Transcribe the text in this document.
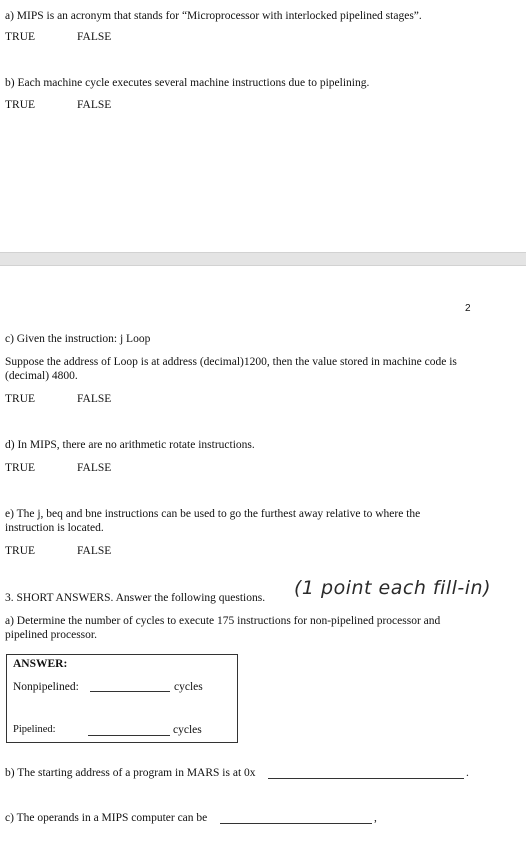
a) MIPS is an acronym that stands for “Microprocessor with interlocked pipelined stages”.
TRUE	FALSE
b) Each machine cycle executes several machine instructions due to pipelining.
TRUE	FALSE
2
c) Given the instruction: j Loop
Suppose the address of Loop is at address (decimal)1200, then the value stored in machine code is (decimal) 4800.
TRUE	FALSE
d) In MIPS, there are no arithmetic rotate instructions.
TRUE	FALSE
e) The j, beq and bne instructions can be used to go the furthest away relative to where the instruction is located.
TRUE	FALSE
3. SHORT ANSWERS. Answer the following questions. (1 point each fill-in)
a) Determine the number of cycles to execute 175 instructions for non-pipelined processor and pipelined processor.
ANSWER:
Nonpipelined:	cycles
Pipelined:	cycles
b) The starting address of a program in MARS is at 0x	.
c) The operands in a MIPS computer can be	,
